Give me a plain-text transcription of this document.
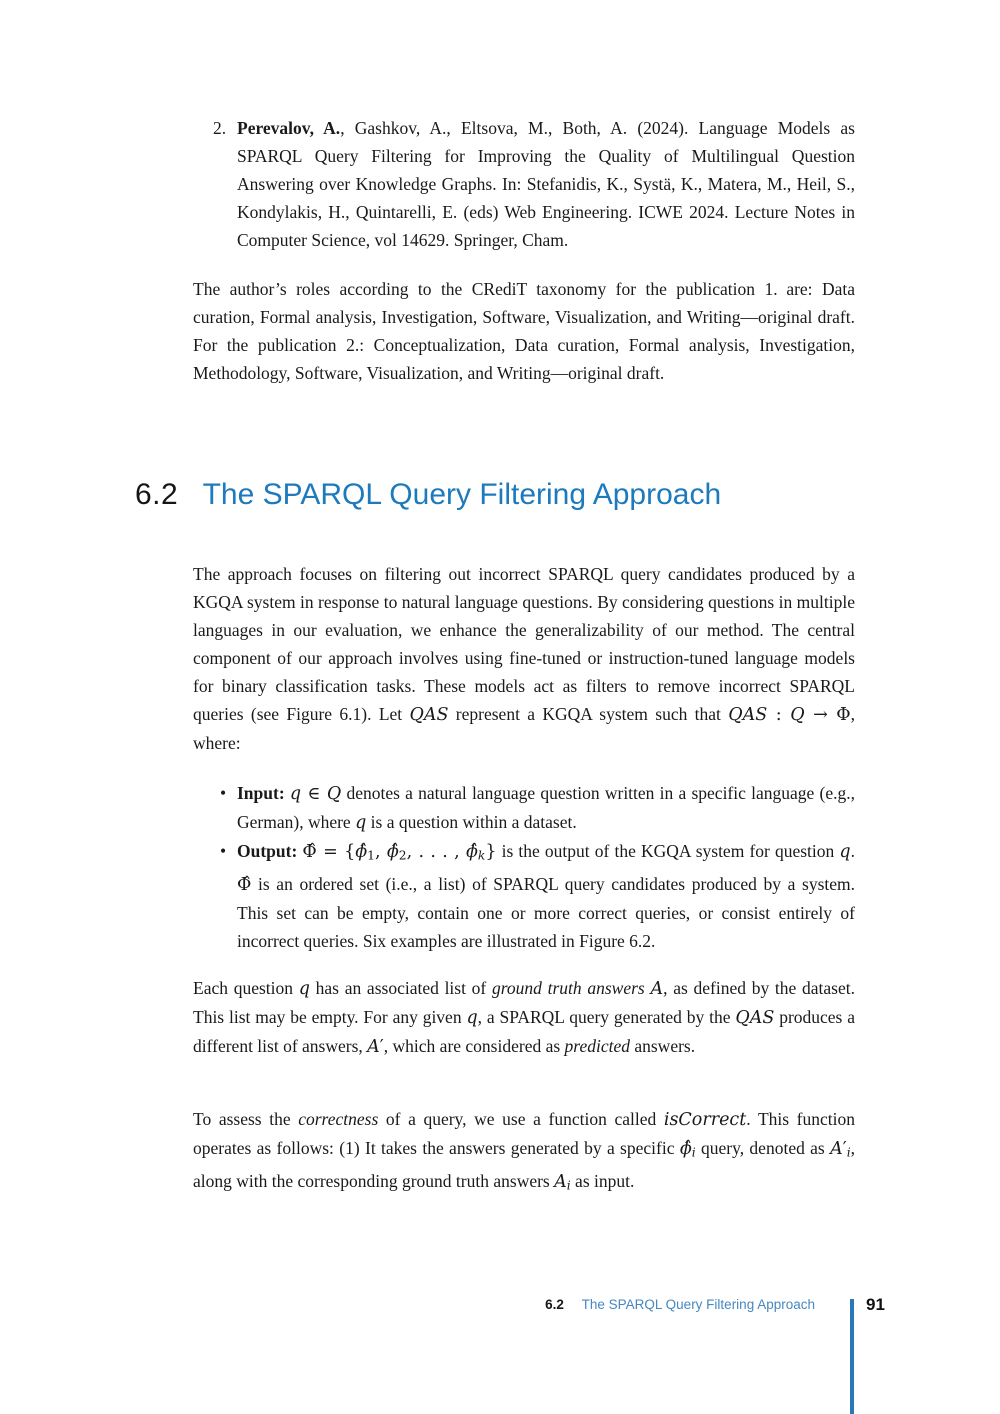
2. Perevalov, A., Gashkov, A., Eltsova, M., Both, A. (2024). Language Models as SPARQL Query Filtering for Improving the Quality of Multilingual Question Answering over Knowledge Graphs. In: Stefanidis, K., Systä, K., Matera, M., Heil, S., Kondylakis, H., Quintarelli, E. (eds) Web Engineering. ICWE 2024. Lecture Notes in Computer Science, vol 14629. Springer, Cham.

The author’s roles according to the CRediT taxonomy for the publication 1. are: Data curation, Formal analysis, Investigation, Software, Visualization, and Writing—original draft. For the publication 2.: Conceptualization, Data curation, Formal analysis, Investigation, Methodology, Software, Visualization, and Writing—original draft.

6.2 The SPARQL Query Filtering Approach

The approach focuses on filtering out incorrect SPARQL query candidates produced by a KGQA system in response to natural language questions. By considering questions in multiple languages in our evaluation, we enhance the generalizability of our method. The central component of our approach involves using fine-tuned or instruction-tuned language models for binary classification tasks. These models act as filters to remove incorrect SPARQL queries (see Figure 6.1). Let QAS represent a KGQA system such that QAS : Q → Φ, where:

• Input: q ∈ Q denotes a natural language question written in a specific language (e.g., German), where q is a question within a dataset.
• Output: Φ̂ = {ϕ̂1, ϕ̂2, . . . , ϕ̂k} is the output of the KGQA system for question q. Φ̂ is an ordered set (i.e., a list) of SPARQL query candidates produced by a system. This set can be empty, contain one or more correct queries, or consist entirely of incorrect queries. Six examples are illustrated in Figure 6.2.

Each question q has an associated list of ground truth answers A, as defined by the dataset. This list may be empty. For any given q, a SPARQL query generated by the QAS produces a different list of answers, A′, which are considered as predicted answers.

To assess the correctness of a query, we use a function called isCorrect. This function operates as follows: (1) It takes the answers generated by a specific ϕ̂i query, denoted as A′i, along with the corresponding ground truth answers Ai as input.

6.2 The SPARQL Query Filtering Approach	91
